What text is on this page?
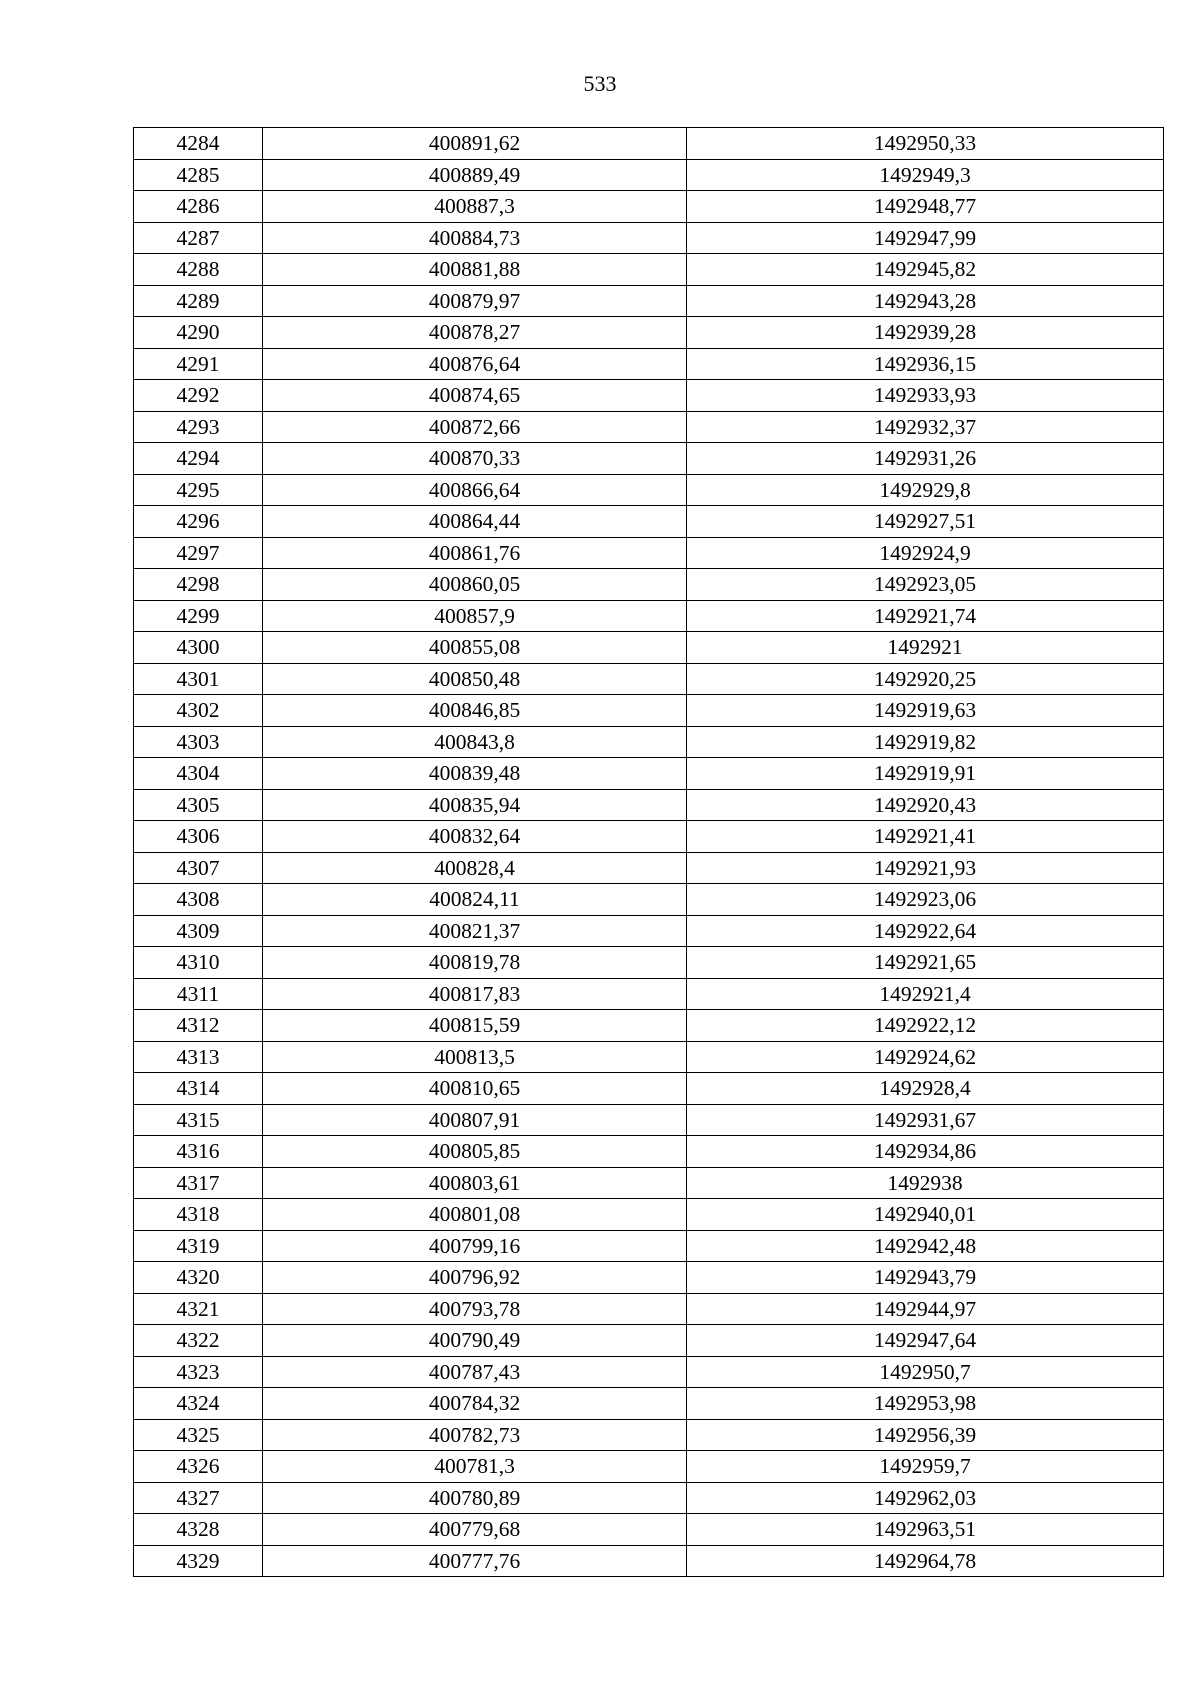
533
4284	400891,62	1492950,33
4285	400889,49	1492949,3
4286	400887,3	1492948,77
4287	400884,73	1492947,99
4288	400881,88	1492945,82
4289	400879,97	1492943,28
4290	400878,27	1492939,28
4291	400876,64	1492936,15
4292	400874,65	1492933,93
4293	400872,66	1492932,37
4294	400870,33	1492931,26
4295	400866,64	1492929,8
4296	400864,44	1492927,51
4297	400861,76	1492924,9
4298	400860,05	1492923,05
4299	400857,9	1492921,74
4300	400855,08	1492921
4301	400850,48	1492920,25
4302	400846,85	1492919,63
4303	400843,8	1492919,82
4304	400839,48	1492919,91
4305	400835,94	1492920,43
4306	400832,64	1492921,41
4307	400828,4	1492921,93
4308	400824,11	1492923,06
4309	400821,37	1492922,64
4310	400819,78	1492921,65
4311	400817,83	1492921,4
4312	400815,59	1492922,12
4313	400813,5	1492924,62
4314	400810,65	1492928,4
4315	400807,91	1492931,67
4316	400805,85	1492934,86
4317	400803,61	1492938
4318	400801,08	1492940,01
4319	400799,16	1492942,48
4320	400796,92	1492943,79
4321	400793,78	1492944,97
4322	400790,49	1492947,64
4323	400787,43	1492950,7
4324	400784,32	1492953,98
4325	400782,73	1492956,39
4326	400781,3	1492959,7
4327	400780,89	1492962,03
4328	400779,68	1492963,51
4329	400777,76	1492964,78
